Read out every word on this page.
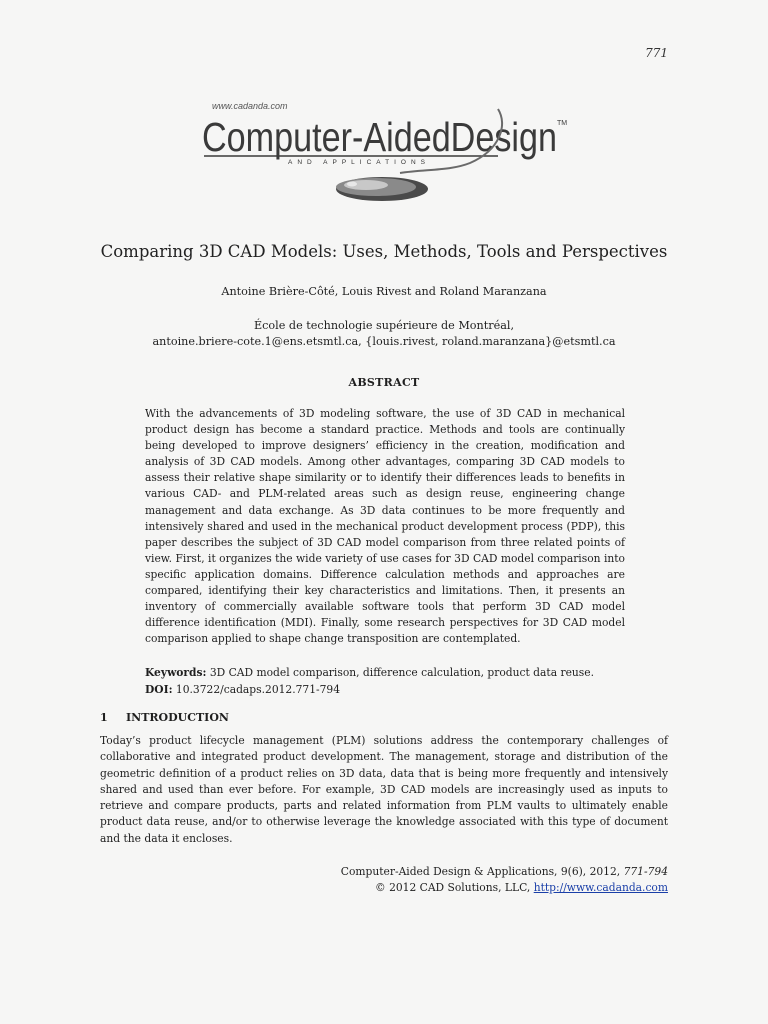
771
www.cadanda.com
Computer-AidedDesign TM
AND APPLICATIONS
Comparing 3D CAD Models: Uses, Methods, Tools and Perspectives
Antoine Brière-Côté, Louis Rivest and Roland Maranzana
École de technologie supérieure de Montréal,
antoine.briere-cote.1@ens.etsmtl.ca, {louis.rivest, roland.maranzana}@etsmtl.ca
ABSTRACT
With the advancements of 3D modeling software, the use of 3D CAD in mechanical product design has become a standard practice. Methods and tools are continually being developed to improve designers’ efficiency in the creation, modification and analysis of 3D CAD models. Among other advantages, comparing 3D CAD models to assess their relative shape similarity or to identify their differences leads to benefits in various CAD- and PLM-related areas such as design reuse, engineering change management and data exchange. As 3D data continues to be more frequently and intensively shared and used in the mechanical product development process (PDP), this paper describes the subject of 3D CAD model comparison from three related points of view. First, it organizes the wide variety of use cases for 3D CAD model comparison into specific application domains. Difference calculation methods and approaches are compared, identifying their key characteristics and limitations. Then, it presents an inventory of commercially available software tools that perform 3D CAD model difference identification (MDI). Finally, some research perspectives for 3D CAD model comparison applied to shape change transposition are contemplated.
Keywords: 3D CAD model comparison, difference calculation, product data reuse.
DOI: 10.3722/cadaps.2012.771-794
1 INTRODUCTION
Today’s product lifecycle management (PLM) solutions address the contemporary challenges of collaborative and integrated product development. The management, storage and distribution of the geometric definition of a product relies on 3D data, data that is being more frequently and intensively shared and used than ever before. For example, 3D CAD models are increasingly used as inputs to retrieve and compare products, parts and related information from PLM vaults to ultimately enable product data reuse, and/or to otherwise leverage the knowledge associated with this type of document and the data it encloses.
Computer-Aided Design & Applications, 9(6), 2012, 771-794
© 2012 CAD Solutions, LLC, http://www.cadanda.com
